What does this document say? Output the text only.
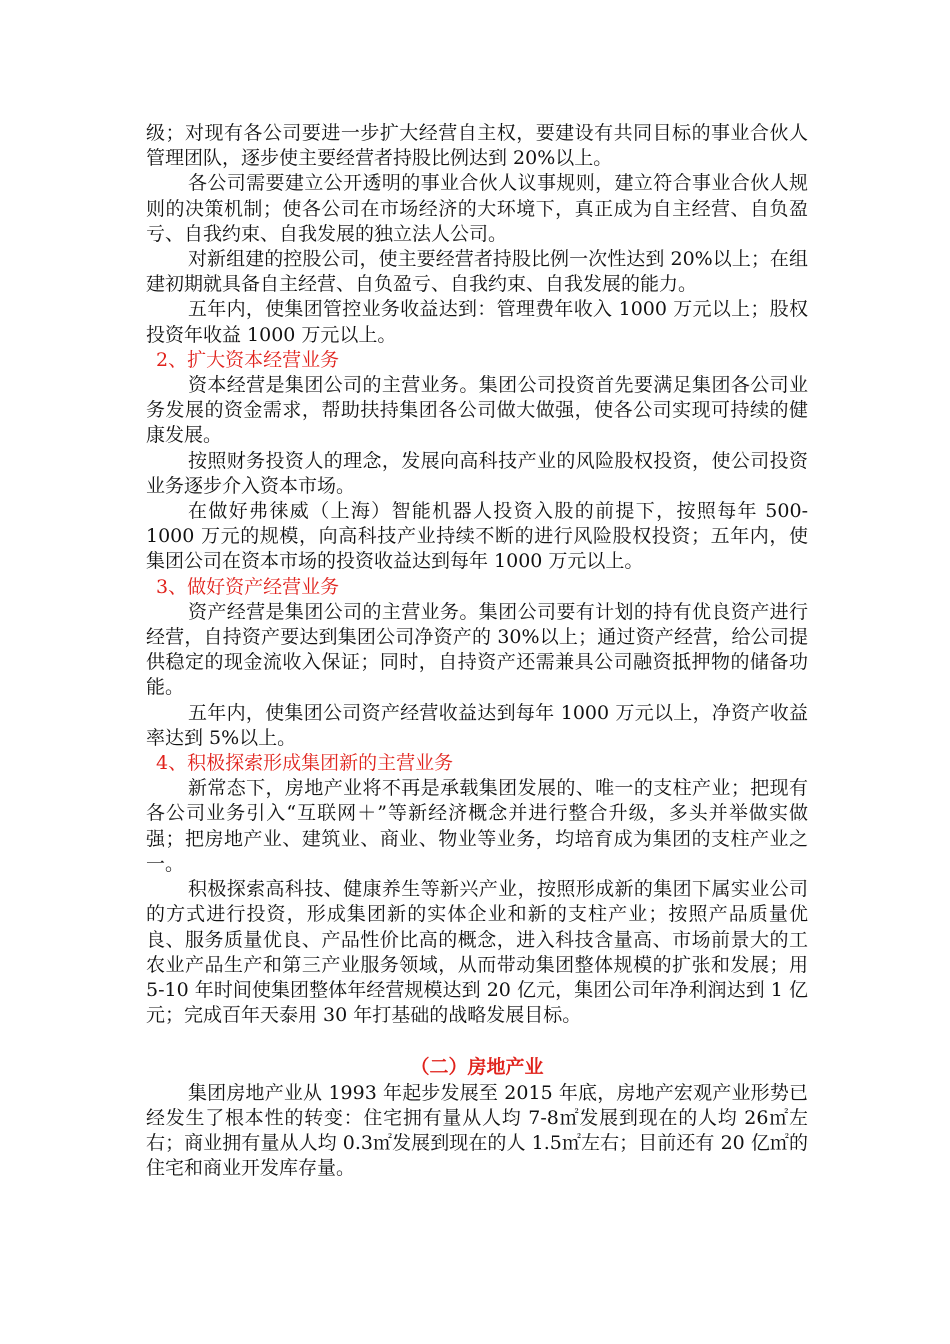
级；对现有各公司要进一步扩大经营自主权，要建设有共同目标的事业合伙人管理团队，逐步使主要经营者持股比例达到 20%以上。

各公司需要建立公开透明的事业合伙人议事规则，建立符合事业合伙人规则的决策机制；使各公司在市场经济的大环境下，真正成为自主经营、自负盈亏、自我约束、自我发展的独立法人公司。

对新组建的控股公司，使主要经营者持股比例一次性达到 20%以上；在组建初期就具备自主经营、自负盈亏、自我约束、自我发展的能力。

五年内，使集团管控业务收益达到：管理费年收入 1000 万元以上；股权投资年收益 1000 万元以上。

2、扩大资本经营业务

资本经营是集团公司的主营业务。集团公司投资首先要满足集团各公司业务发展的资金需求，帮助扶持集团各公司做大做强，使各公司实现可持续的健康发展。

按照财务投资人的理念，发展向高科技产业的风险股权投资，使公司投资业务逐步介入资本市场。

在做好弗徕威（上海）智能机器人投资入股的前提下，按照每年 500-1000 万元的规模，向高科技产业持续不断的进行风险股权投资；五年内，使集团公司在资本市场的投资收益达到每年 1000 万元以上。

3、做好资产经营业务

资产经营是集团公司的主营业务。集团公司要有计划的持有优良资产进行经营，自持资产要达到集团公司净资产的 30%以上；通过资产经营，给公司提供稳定的现金流收入保证；同时，自持资产还需兼具公司融资抵押物的储备功能。

五年内，使集团公司资产经营收益达到每年 1000 万元以上，净资产收益率达到 5%以上。

4、积极探索形成集团新的主营业务

新常态下，房地产业将不再是承载集团发展的、唯一的支柱产业；把现有各公司业务引入“互联网＋”等新经济概念并进行整合升级，多头并举做实做强；把房地产业、建筑业、商业、物业等业务，均培育成为集团的支柱产业之一。

积极探索高科技、健康养生等新兴产业，按照形成新的集团下属实业公司的方式进行投资，形成集团新的实体企业和新的支柱产业；按照产品质量优良、服务质量优良、产品性价比高的概念，进入科技含量高、市场前景大的工农业产品生产和第三产业服务领域，从而带动集团整体规模的扩张和发展；用 5-10 年时间使集团整体年经营规模达到 20 亿元，集团公司年净利润达到 1 亿元；完成百年天泰用 30 年打基础的战略发展目标。

（二）房地产业

集团房地产业从 1993 年起步发展至 2015 年底，房地产宏观产业形势已经发生了根本性的转变：住宅拥有量从人均 7-8㎡发展到现在的人均 26㎡左右；商业拥有量从人均 0.3㎡发展到现在的人 1.5㎡左右；目前还有 20 亿㎡的住宅和商业开发库存量。
